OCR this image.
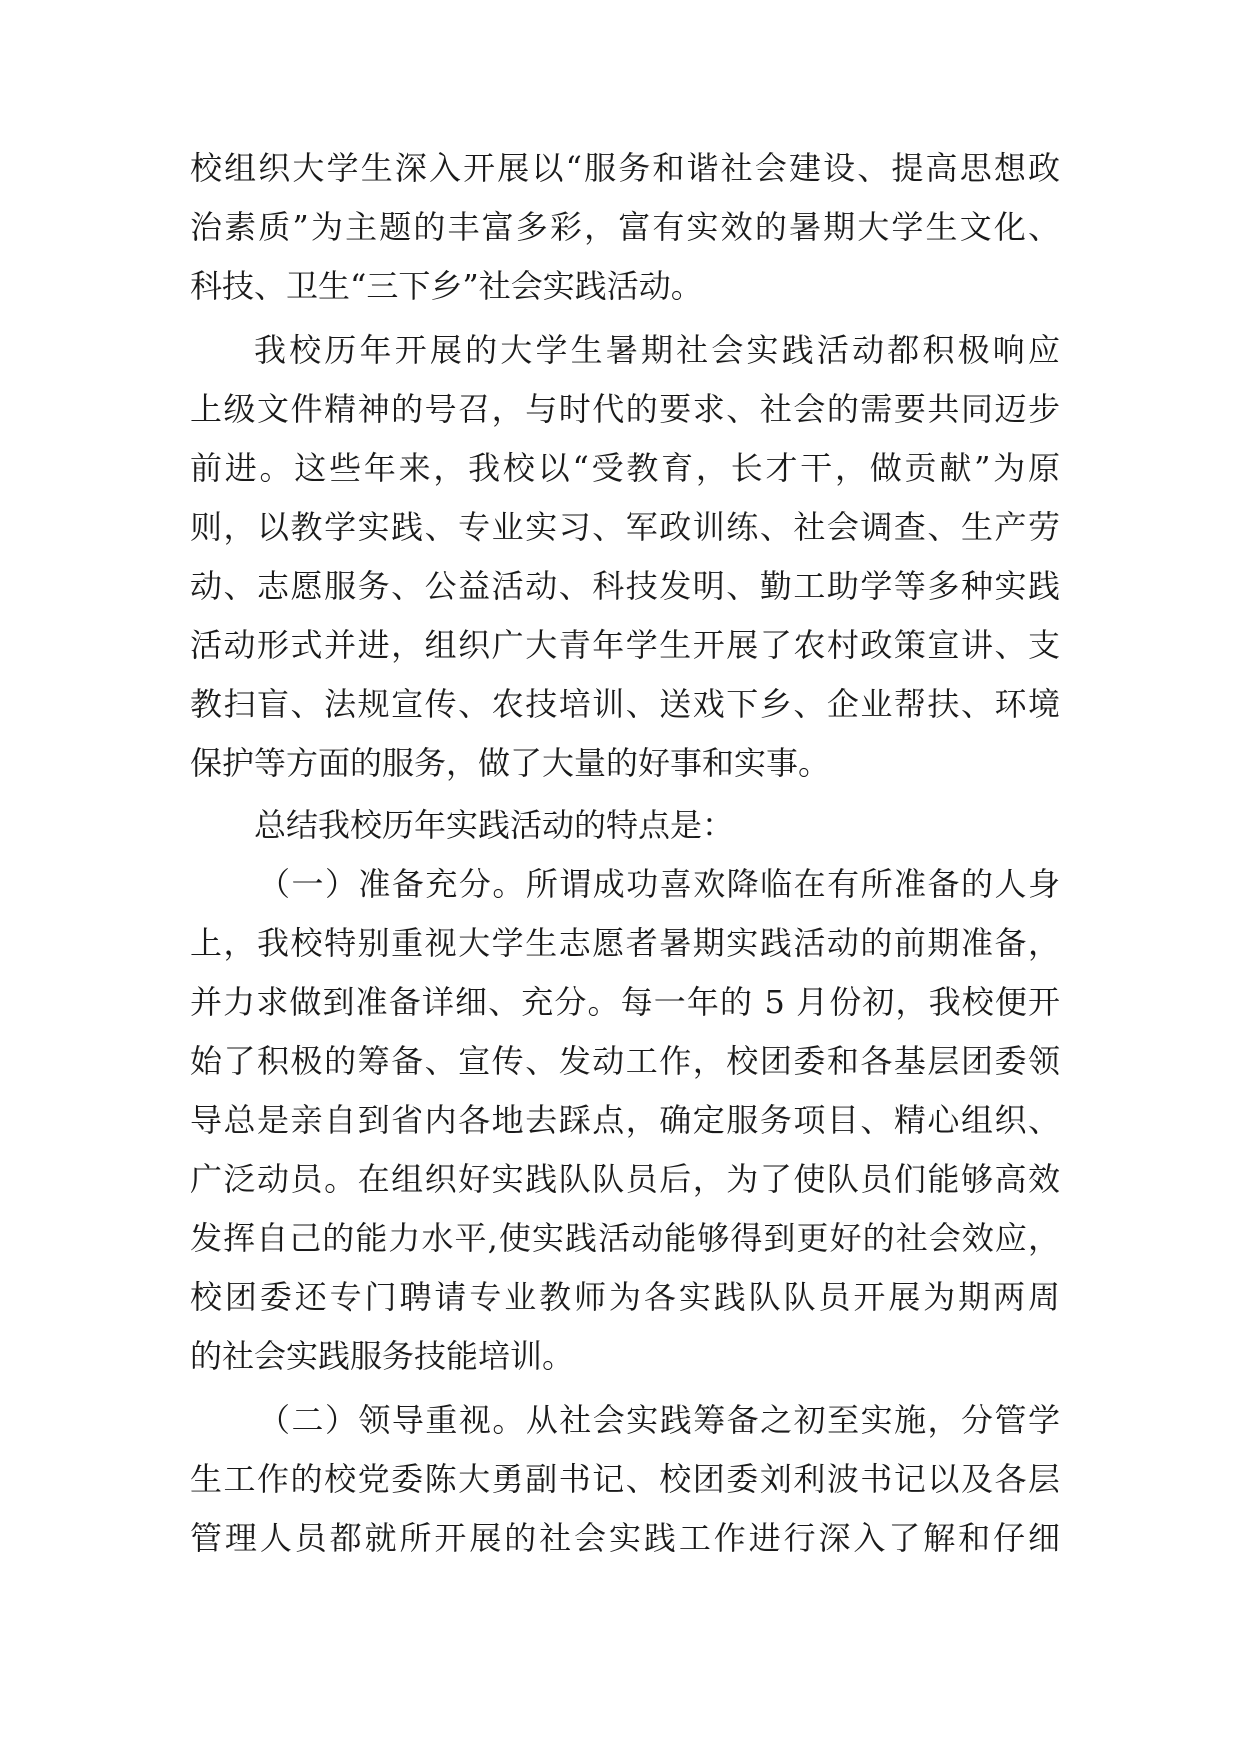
校组织大学生深入开展以“服务和谐社会建设、提高思想政

治素质”为主题的丰富多彩，富有实效的暑期大学生文化、

科技、卫生“三下乡”社会实践活动。

我校历年开展的大学生暑期社会实践活动都积极响应

上级文件精神的号召，与时代的要求、社会的需要共同迈步

前进。这些年来，我校以“受教育，长才干，做贡献”为原

则，以教学实践、专业实习、军政训练、社会调查、生产劳

动、志愿服务、公益活动、科技发明、勤工助学等多种实践

活动形式并进，组织广大青年学生开展了农村政策宣讲、支

教扫盲、法规宣传、农技培训、送戏下乡、企业帮扶、环境

保护等方面的服务，做了大量的好事和实事。

总结我校历年实践活动的特点是：

（一）准备充分。所谓成功喜欢降临在有所准备的人身

上，我校特别重视大学生志愿者暑期实践活动的前期准备，

并力求做到准备详细、充分。每一年的 5 月份初，我校便开

始了积极的筹备、宣传、发动工作，校团委和各基层团委领

导总是亲自到省内各地去踩点，确定服务项目、精心组织、

广泛动员。在组织好实践队队员后，为了使队员们能够高效

发挥自己的能力水平,使实践活动能够得到更好的社会效应，

校团委还专门聘请专业教师为各实践队队员开展为期两周

的社会实践服务技能培训。

（二）领导重视。从社会实践筹备之初至实施，分管学

生工作的校党委陈大勇副书记、校团委刘利波书记以及各层

管理人员都就所开展的社会实践工作进行深入了解和仔细
